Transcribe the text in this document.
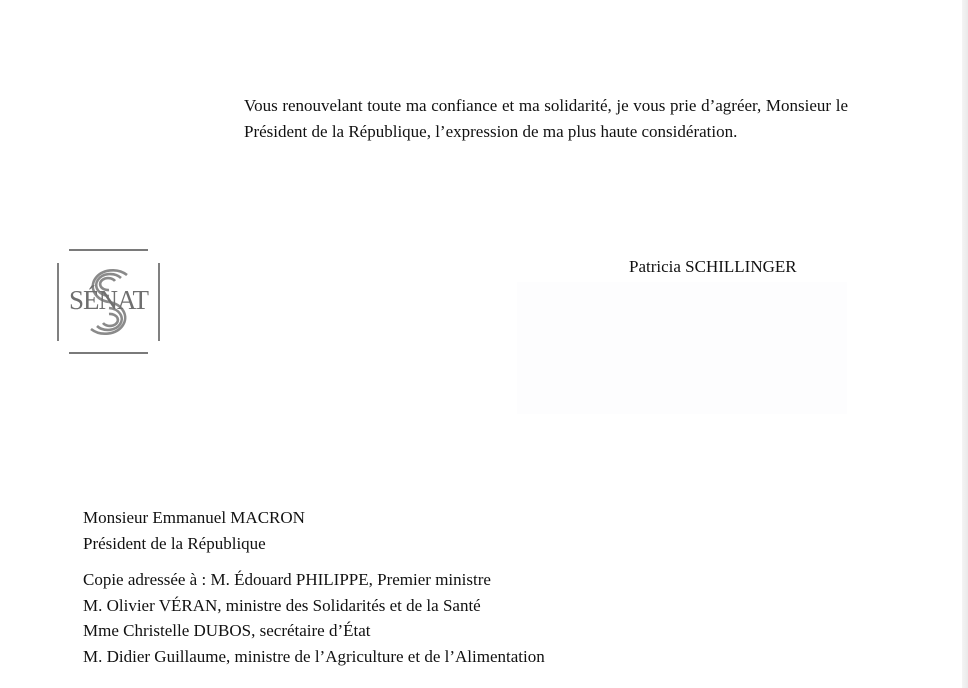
Vous renouvelant toute ma confiance et ma solidarité, je vous prie d’agréer, Monsieur le Président de la République, l’expression de ma plus haute considération.

Patricia SCHILLINGER

SÉNAT

Monsieur Emmanuel MACRON
Président de la République

Copie adressée à : M. Édouard PHILIPPE, Premier ministre
M. Olivier VÉRAN, ministre des Solidarités et de la Santé
Mme Christelle DUBOS, secrétaire d’État
M. Didier Guillaume, ministre de l’Agriculture et de l’Alimentation
